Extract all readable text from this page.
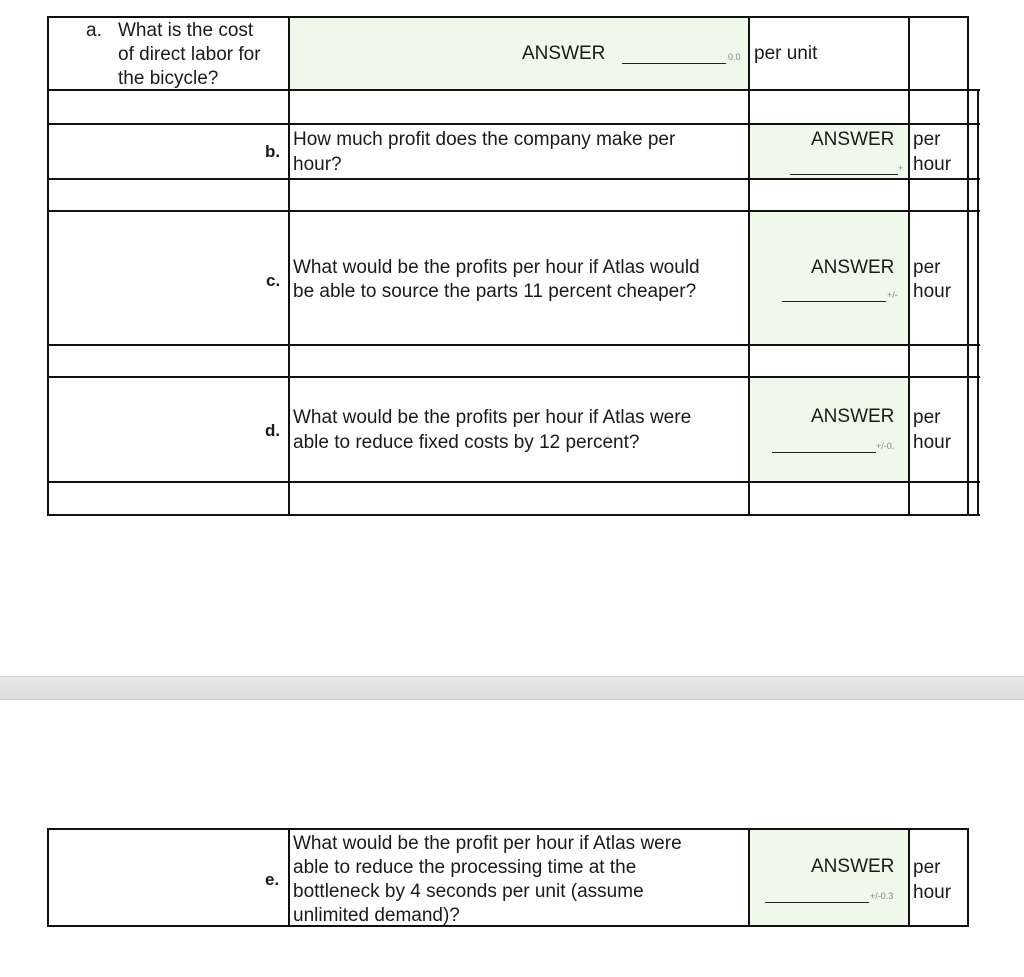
a. What is the cost
of direct labor for
the bicycle?
ANSWER	0.0 per unit
b.
How much profit does the company make per
hour?
ANSWER
+
per
hour
c.
What would be the profits per hour if Atlas would
be able to source the parts 11 percent cheaper?
ANSWER
+/-
per
hour
d.
What would be the profits per hour if Atlas were
able to reduce fixed costs by 12 percent?
ANSWER
+/-0.
per
hour
e.
What would be the profit per hour if Atlas were
able to reduce the processing time at the
bottleneck by 4 seconds per unit (assume
unlimited demand)?
ANSWER
+/-0.3
per
hour
